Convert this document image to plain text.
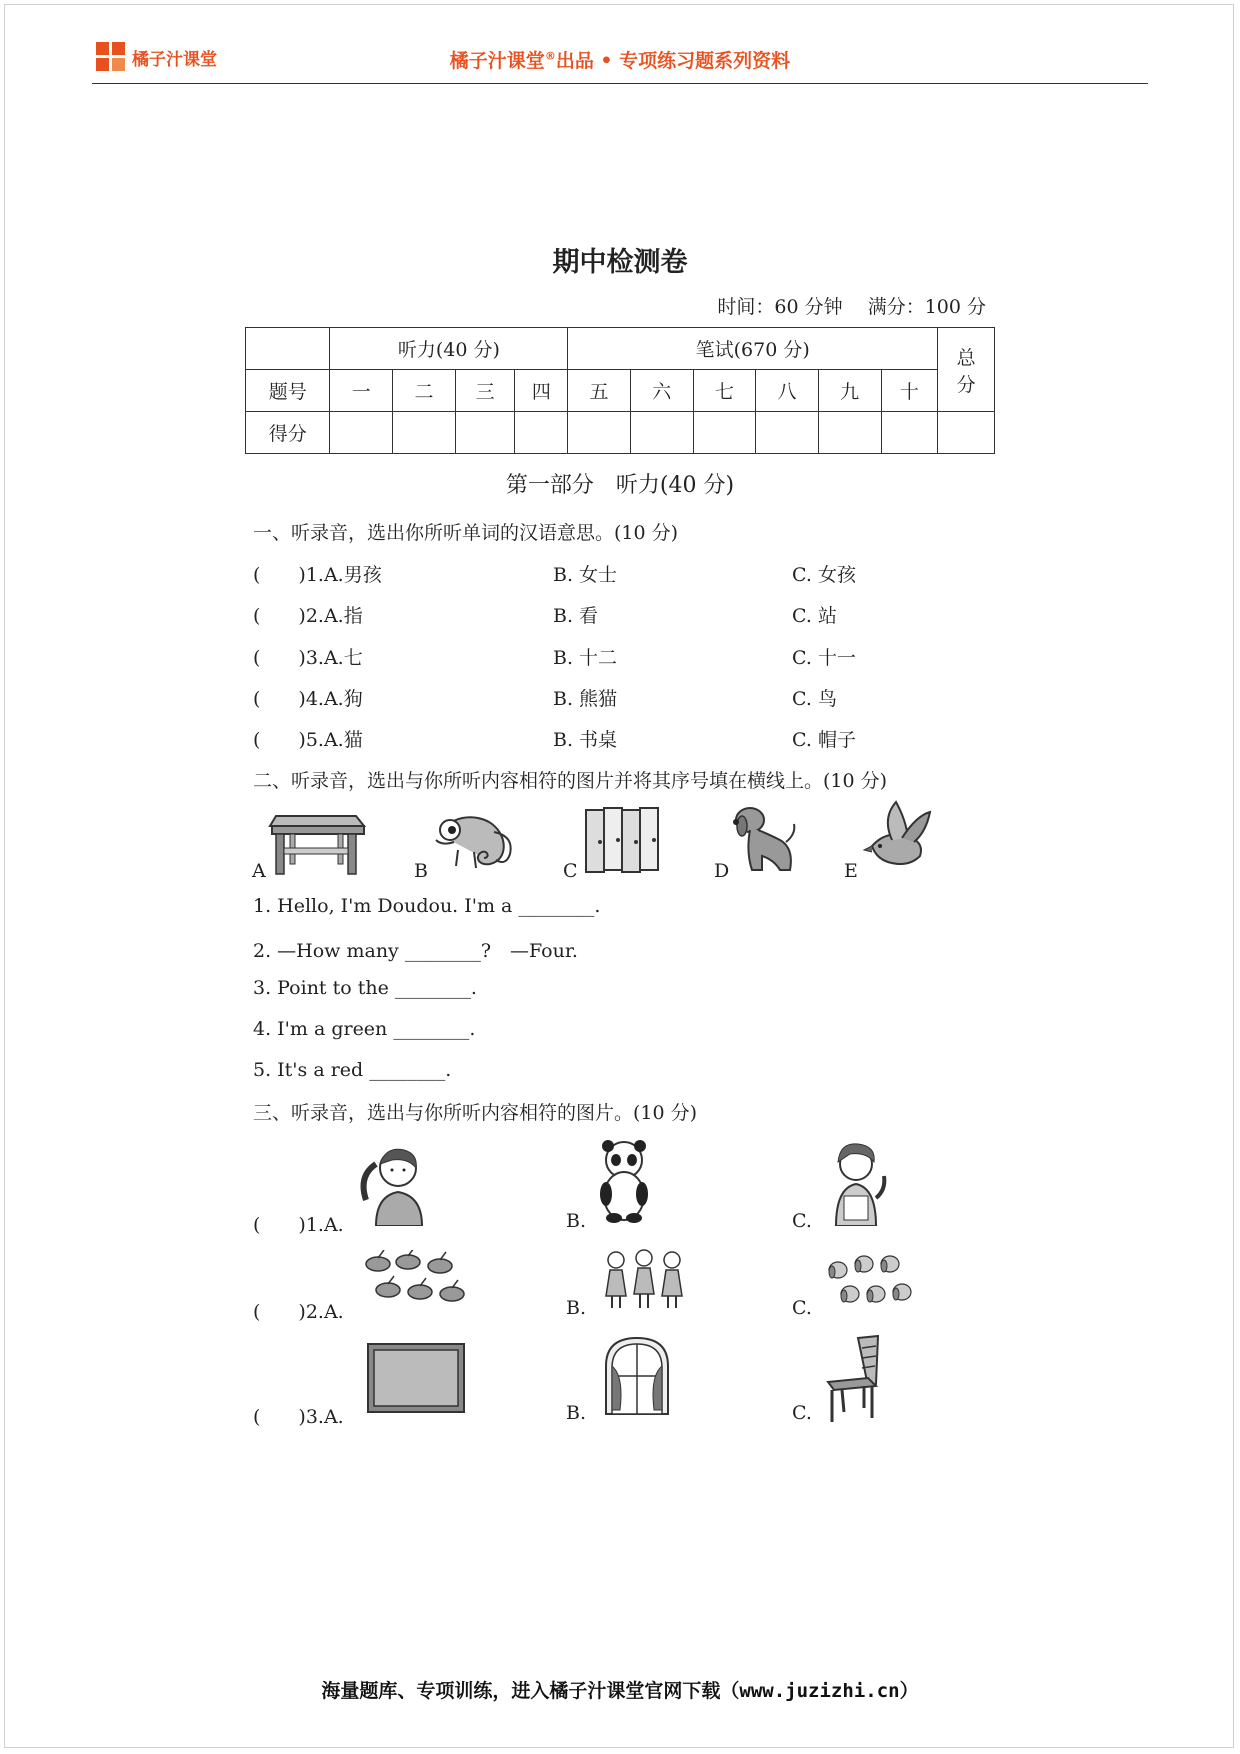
橘子汁课堂	橘子汁课堂®出品 • 专项练习题系列资料
期中检测卷
时间：60 分钟　 满分：100 分
	听力(40 分)				笔试(670 分)						总
分
题号	一	二	三	四	五	六	七	八	九	十	
得分											
第一部分　听力(40 分)
一、听录音，选出你所听单词的汉语意思。(10 分)
(　　)1.A.男孩	B. 女士	C. 女孩
(　　)2.A.指	B. 看	C. 站
(　　)3.A.七	B. 十二	C. 十一
(　　)4.A.狗	B. 熊猫	C. 鸟
(　　)5.A.猫	B. 书桌	C. 帽子
二、听录音，选出与你所听内容相符的图片并将其序号填在横线上。(10 分)
A	B	C	D	E
1. Hello, I'm Doudou. I'm a ________.
2. —How many ________?　—Four.
3. Point to the ________.
4. I'm a green ________.
5. It's a red ________.
三、听录音，选出与你所听内容相符的图片。(10 分)
(　　)1.A.	B.	C.
(　　)2.A.	B.	C.
(　　)3.A.	B.	C.
海量题库、专项训练，进入橘子汁课堂官网下载（www.juzizhi.cn）
